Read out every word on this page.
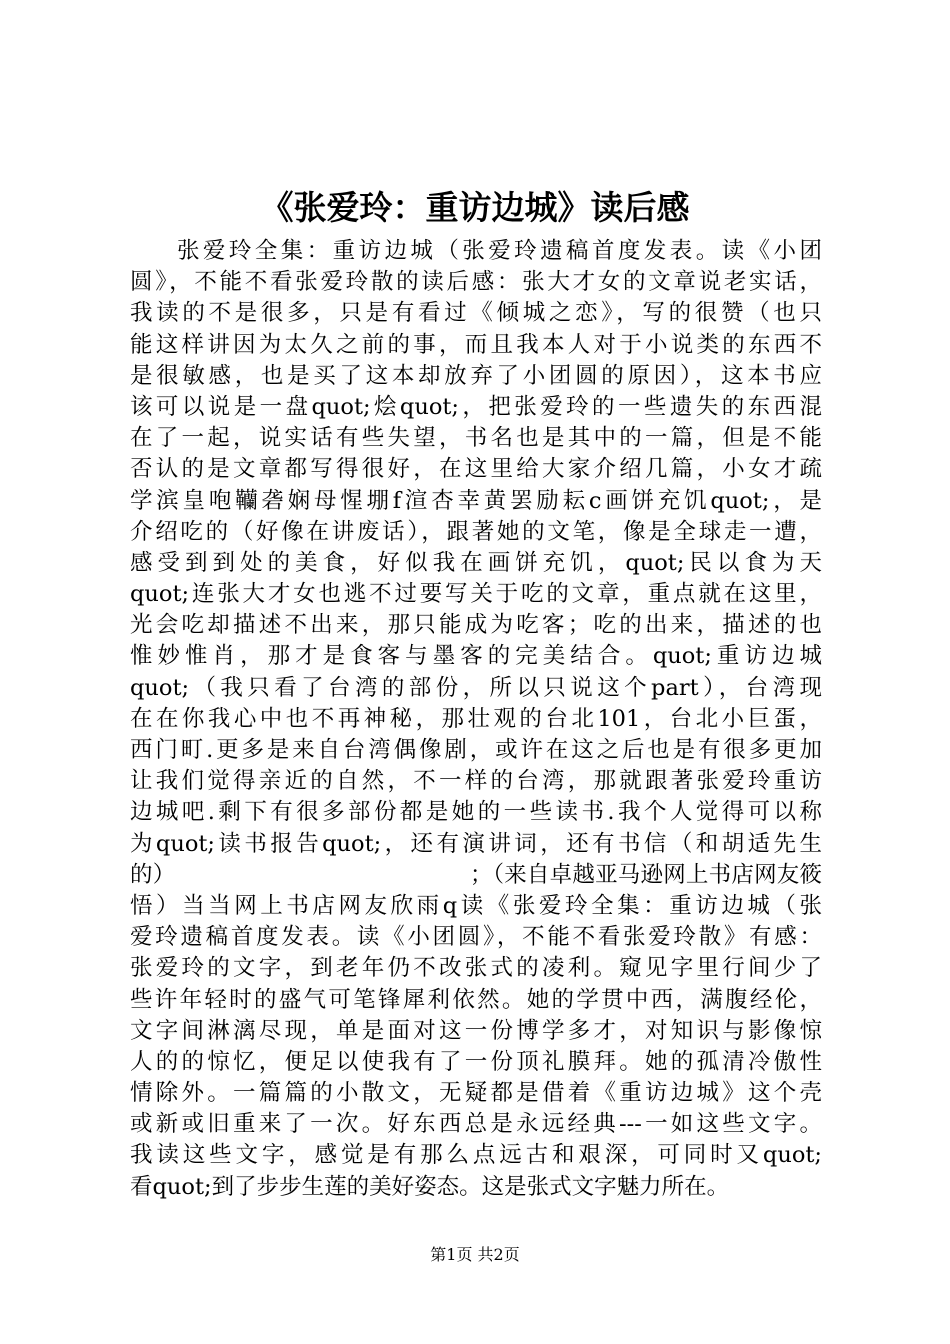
《张爱玲：重访边城》读后感
张爱玲全集：重访边城（张爱玲遗稿首度发表。读《小团
圆》，不能不看张爱玲散的读后感：张大才女的文章说老实话，
我读的不是很多，只是有看过《倾城之恋》，写的很赞（也只
能这样讲因为太久之前的事，而且我本人对于小说类的东西不
是很敏感，也是买了这本却放弃了小团圆的原因），这本书应
该可以说是一盘quot;烩quot;，把张爱玲的一些遗失的东西混
在了一起，说实话有些失望，书名也是其中的一篇，但是不能
否认的是文章都写得很好，在这里给大家介绍几篇，小女才疏
学滨皇咆韊砻娴母惺堋f渲杏幸黄罢励耘c画饼充饥quot;，是
介绍吃的（好像在讲废话），跟著她的文笔，像是全球走一遭，
感受到到处的美食，好似我在画饼充饥，quot;民以食为天
quot;连张大才女也逃不过要写关于吃的文章，重点就在这里，
光会吃却描述不出来，那只能成为吃客；吃的出来，描述的也
惟妙惟肖，那才是食客与墨客的完美结合。quot;重访边城
quot;（我只看了台湾的部份，所以只说这个part），台湾现
在在你我心中也不再神秘，那壮观的台北101，台北小巨蛋，
西门町.更多是来自台湾偶像剧，或许在这之后也是有很多更加
让我们觉得亲近的自然，不一样的台湾，那就跟著张爱玲重访
边城吧.剩下有很多部份都是她的一些读书.我个人觉得可以称
为quot;读书报告quot;，还有演讲词，还有书信（和胡适先生
的）                                        ；（来自卓越亚马逊网上书店网友筱
悟）当当网上书店网友欣雨q读《张爱玲全集：重访边城（张
爱玲遗稿首度发表。读《小团圆》，不能不看张爱玲散》有感：
张爱玲的文字，到老年仍不改张式的凌利。窥见字里行间少了
些许年轻时的盛气可笔锋犀利依然。她的学贯中西，满腹经伦，
文字间淋漓尽现，单是面对这一份博学多才，对知识与影像惊
人的的惊忆，便足以使我有了一份顶礼膜拜。她的孤清冷傲性
情除外。一篇篇的小散文，无疑都是借着《重访边城》这个壳
或新或旧重来了一次。好东西总是永远经典---一如这些文字。
我读这些文字，感觉是有那么点远古和艰深，可同时又quot;
看quot;到了步步生莲的美好姿态。这是张式文字魅力所在。
第1页 共2页
